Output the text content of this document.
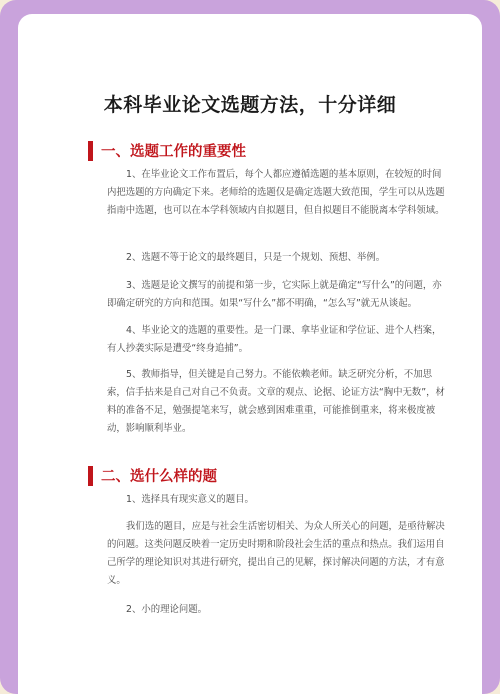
本科毕业论文选题方法，十分详细
一、选题工作的重要性

1、在毕业论文工作布置后，每个人都应遵循选题的基本原则，在较短的时间内把选题的方向确定下来。老师给的选题仅是确定选题大致范围，学生可以从选题指南中选题，也可以在本学科领域内自拟题目，但自拟题目不能脱离本学科领域。

2、选题不等于论文的最终题目，只是一个规划、预想、举例。

3、选题是论文撰写的前提和第一步，它实际上就是确定“写什么”的问题，亦即确定研究的方向和范围。如果“写什么”都不明确，“怎么写”就无从谈起。

4、毕业论文的选题的重要性。是一门课、拿毕业证和学位证、进个人档案，有人抄袭实际是遭受“终身追捕”。

5、教师指导，但关键是自己努力。不能依赖老师。缺乏研究分析，不加思索，信手拈来是自己对自己不负责。文章的观点、论据、论证方法“胸中无数”，材料的准备不足，勉强提笔来写，就会感到困难重重，可能推倒重来，将来极度被动，影响顺利毕业。

二、选什么样的题

1、选择具有现实意义的题目。

我们选的题目，应是与社会生活密切相关、为众人所关心的问题，是亟待解决的问题。这类问题反映着一定历史时期和阶段社会生活的重点和热点。我们运用自己所学的理论知识对其进行研究，提出自己的见解，探讨解决问题的方法，才有意义。

2、小的理论问题。
